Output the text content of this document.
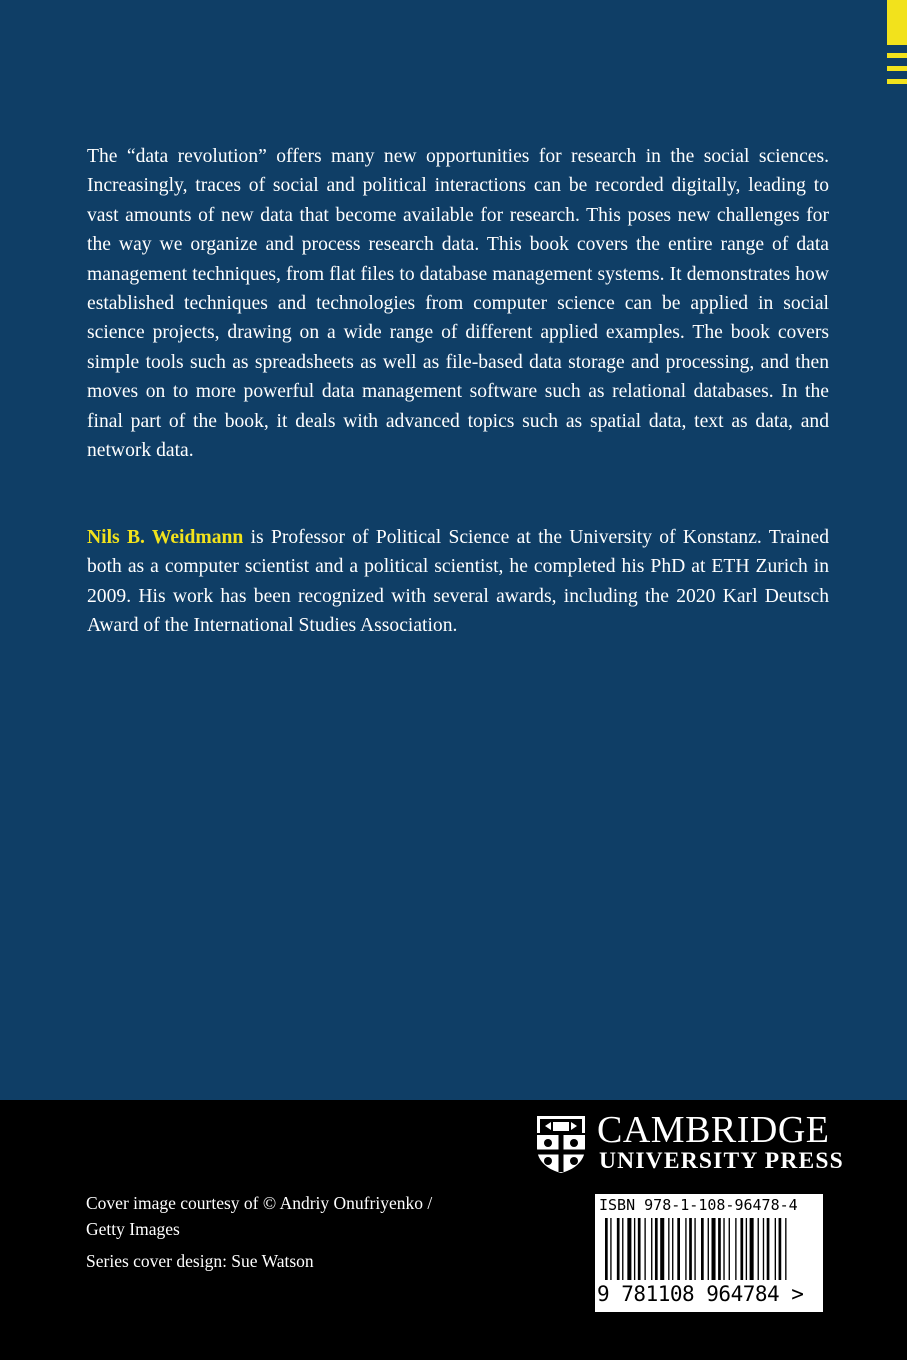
The “data revolution” offers many new opportunities for research in the social sciences. Increasingly, traces of social and political interactions can be recorded digitally, leading to vast amounts of new data that become available for research. This poses new challenges for the way we organize and process research data. This book covers the entire range of data management techniques, from flat files to database management systems. It demonstrates how established techniques and technologies from computer science can be applied in social science projects, drawing on a wide range of different applied examples. The book covers simple tools such as spreadsheets as well as file-based data storage and processing, and then moves on to more powerful data management software such as relational databases. In the final part of the book, it deals with advanced topics such as spatial data, text as data, and network data.

Nils B. Weidmann is Professor of Political Science at the University of Konstanz. Trained both as a computer scientist and a political scientist, he completed his PhD at ETH Zurich in 2009. His work has been recognized with several awards, including the 2020 Karl Deutsch Award of the International Studies Association.

CAMBRIDGE
UNIVERSITY PRESS

Cover image courtesy of © Andriy Onufriyenko /

Getty Images

Series cover design: Sue Watson

ISBN 978-1-108-96478-4
9 781108 964784 >
